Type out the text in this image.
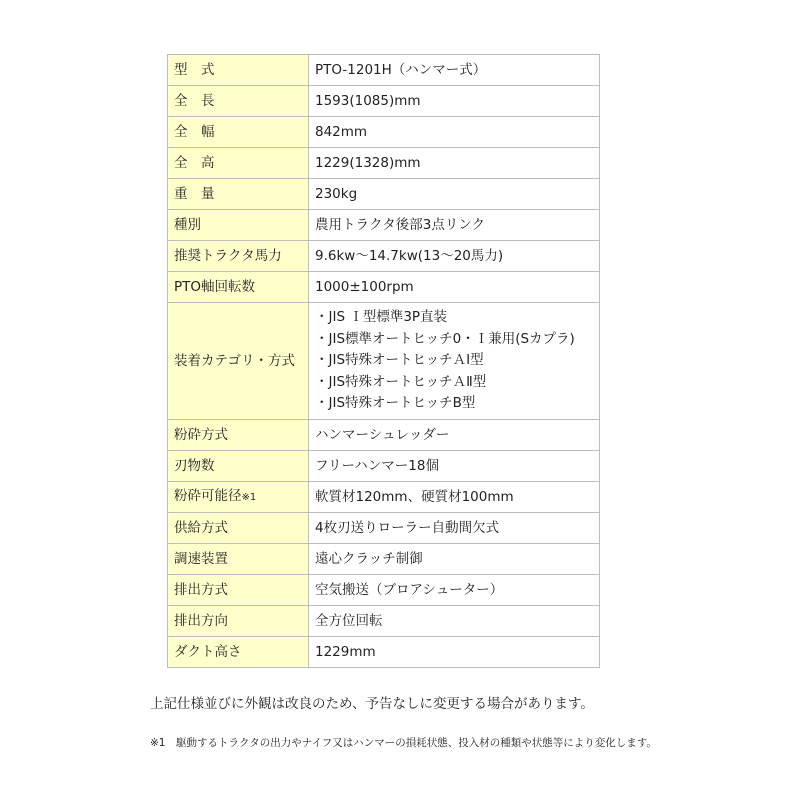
型　式	PTO-1201H（ハンマー式）
全　長	1593(1085)mm
全　幅	842mm
全　高	1229(1328)mm
重　量	230kg
種別	農用トラクタ後部3点リンク
推奨トラクタ馬力	9.6kw～14.7kw(13～20馬力)
PTO軸回転数	1000±100rpm
装着カテゴリ・方式	・JIS Ｉ型標準3P直装
・JIS標準オートヒッチ0・Ｉ兼用(Sカプラ)
・JIS特殊オートヒッチＡⅠ型
・JIS特殊オートヒッチＡⅡ型
・JIS特殊オートヒッチB型

粉砕方式	ハンマーシュレッダー
刃物数	フリーハンマー18個
粉砕可能径※1	軟質材120mm、硬質材100mm
供給方式	4枚刃送りローラー自動間欠式
調速装置	遠心クラッチ制御
排出方式	空気搬送（ブロアシューター）
排出方向	全方位回転
ダクト高さ	1229mm
上記仕様並びに外観は改良のため、予告なしに変更する場合があります。
※1　駆動するトラクタの出力やナイフ又はハンマーの損耗状態、投入材の種類や状態等により変化します。
